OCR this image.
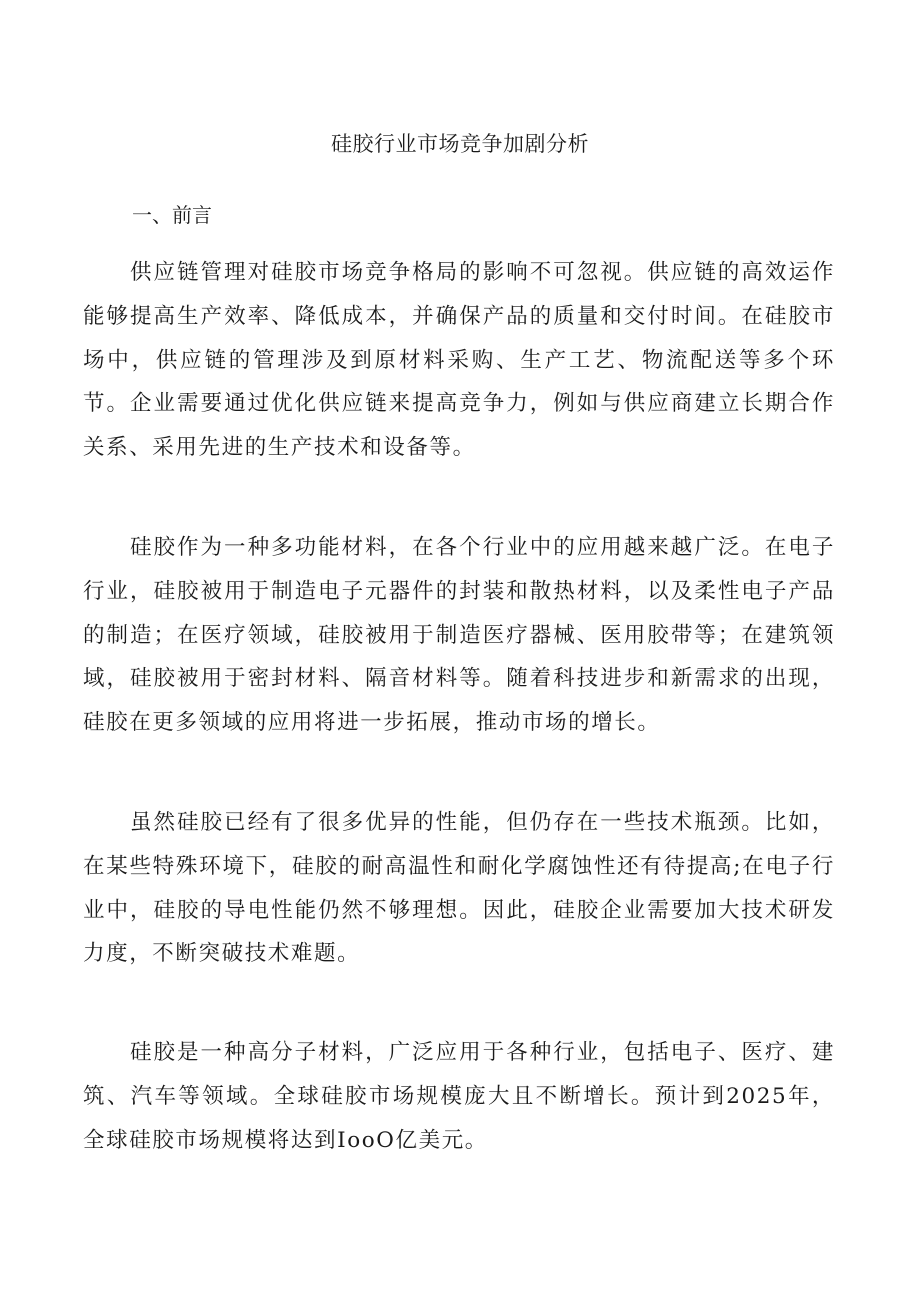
硅胶行业市场竞争加剧分析
一、前言

供应链管理对硅胶市场竞争格局的影响不可忽视。供应链的高效运作能够提高生产效率、降低成本，并确保产品的质量和交付时间。在硅胶市场中，供应链的管理涉及到原材料采购、生产工艺、物流配送等多个环节。企业需要通过优化供应链来提高竞争力，例如与供应商建立长期合作关系、采用先进的生产技术和设备等。

硅胶作为一种多功能材料，在各个行业中的应用越来越广泛。在电子行业，硅胶被用于制造电子元器件的封装和散热材料，以及柔性电子产品的制造；在医疗领域，硅胶被用于制造医疗器械、医用胶带等；在建筑领域，硅胶被用于密封材料、隔音材料等。随着科技进步和新需求的出现，硅胶在更多领域的应用将进一步拓展，推动市场的增长。

虽然硅胶已经有了很多优异的性能，但仍存在一些技术瓶颈。比如，在某些特殊环境下，硅胶的耐高温性和耐化学腐蚀性还有待提高;在电子行业中，硅胶的导电性能仍然不够理想。因此，硅胶企业需要加大技术研发力度，不断突破技术难题。

硅胶是一种高分子材料，广泛应用于各种行业，包括电子、医疗、建筑、汽车等领域。全球硅胶市场规模庞大且不断增长。预计到2025年，全球硅胶市场规模将达到IooO亿美元。
